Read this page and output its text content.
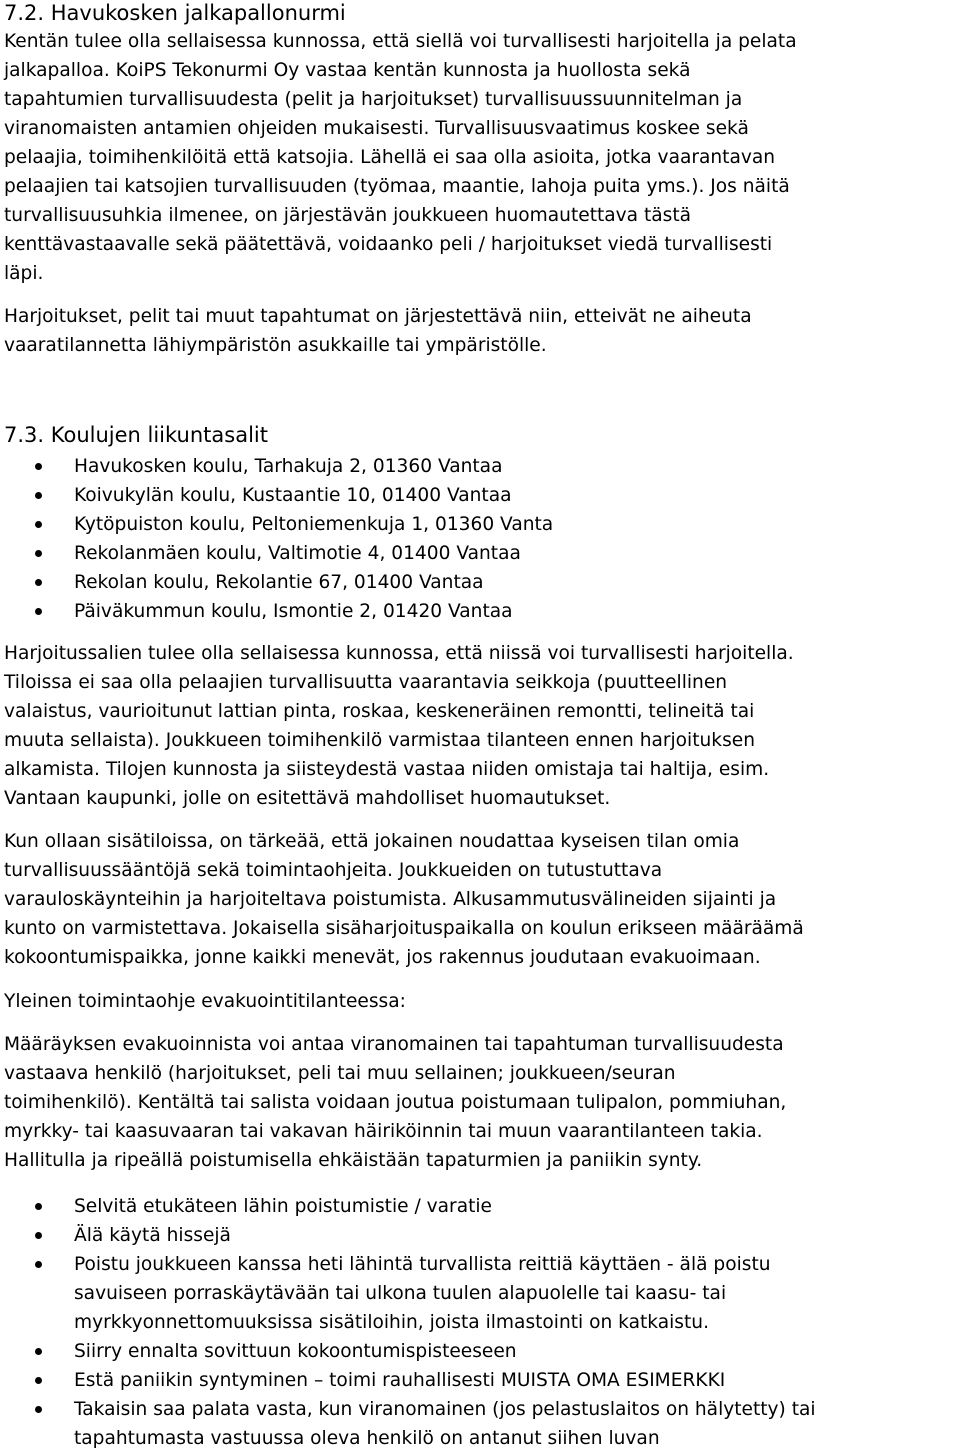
7.2. Havukosken jalkapallonurmi
Kentän tulee olla sellaisessa kunnossa, että siellä voi turvallisesti harjoitella ja pelata
jalkapalloa. KoiPS Tekonurmi Oy vastaa kentän kunnosta ja huollosta sekä
tapahtumien turvallisuudesta (pelit ja harjoitukset) turvallisuussuunnitelman ja
viranomaisten antamien ohjeiden mukaisesti. Turvallisuusvaatimus koskee sekä
pelaajia, toimihenkilöitä että katsojia. Lähellä ei saa olla asioita, jotka vaarantavan
pelaajien tai katsojien turvallisuuden (työmaa, maantie, lahoja puita yms.). Jos näitä
turvallisuusuhkia ilmenee, on järjestävän joukkueen huomautettava tästä
kenttävastaavalle sekä päätettävä, voidaanko peli / harjoitukset viedä turvallisesti
läpi.
Harjoitukset, pelit tai muut tapahtumat on järjestettävä niin, etteivät ne aiheuta
vaaratilannetta lähiympäristön asukkaille tai ympäristölle.
7.3. Koulujen liikuntasalit
Havukosken koulu, Tarhakuja 2, 01360 Vantaa
Koivukylän koulu, Kustaantie 10, 01400 Vantaa
Kytöpuiston koulu, Peltoniemenkuja 1, 01360 Vanta
Rekolanmäen koulu, Valtimotie 4, 01400 Vantaa
Rekolan koulu, Rekolantie 67, 01400 Vantaa
Päiväkummun koulu, Ismontie 2, 01420 Vantaa
Harjoitussalien tulee olla sellaisessa kunnossa, että niissä voi turvallisesti harjoitella.
Tiloissa ei saa olla pelaajien turvallisuutta vaarantavia seikkoja (puutteellinen
valaistus, vaurioitunut lattian pinta, roskaa, keskeneräinen remontti, telineitä tai
muuta sellaista). Joukkueen toimihenkilö varmistaa tilanteen ennen harjoituksen
alkamista. Tilojen kunnosta ja siisteydestä vastaa niiden omistaja tai haltija, esim.
Vantaan kaupunki, jolle on esitettävä mahdolliset huomautukset.
Kun ollaan sisätiloissa, on tärkeää, että jokainen noudattaa kyseisen tilan omia
turvallisuussääntöjä sekä toimintaohjeita. Joukkueiden on tutustuttava
varauloskäynteihin ja harjoiteltava poistumista. Alkusammutusvälineiden sijainti ja
kunto on varmistettava. Jokaisella sisäharjoituspaikalla on koulun erikseen määräämä
kokoontumispaikka, jonne kaikki menevät, jos rakennus joudutaan evakuoimaan.
Yleinen toimintaohje evakuointitilanteessa:
Määräyksen evakuoinnista voi antaa viranomainen tai tapahtuman turvallisuudesta
vastaava henkilö (harjoitukset, peli tai muu sellainen; joukkueen/seuran
toimihenkilö). Kentältä tai salista voidaan joutua poistumaan tulipalon, pommiuhan,
myrkky- tai kaasuvaaran tai vakavan häiriköinnin tai muun vaarantilanteen takia.
Hallitulla ja ripeällä poistumisella ehkäistään tapaturmien ja paniikin synty.
Selvitä etukäteen lähin poistumistie / varatie
Älä käytä hissejä
Poistu joukkueen kanssa heti lähintä turvallista reittiä käyttäen - älä poistu
savuiseen porraskäytävään tai ulkona tuulen alapuolelle tai kaasu- tai
myrkkyonnettomuuksissa sisätiloihin, joista ilmastointi on katkaistu.
Siirry ennalta sovittuun kokoontumispisteeseen
Estä paniikin syntyminen – toimi rauhallisesti MUISTA OMA ESIMERKKI
Takaisin saa palata vasta, kun viranomainen (jos pelastuslaitos on hälytetty) tai
tapahtumasta vastuussa oleva henkilö on antanut siihen luvan
